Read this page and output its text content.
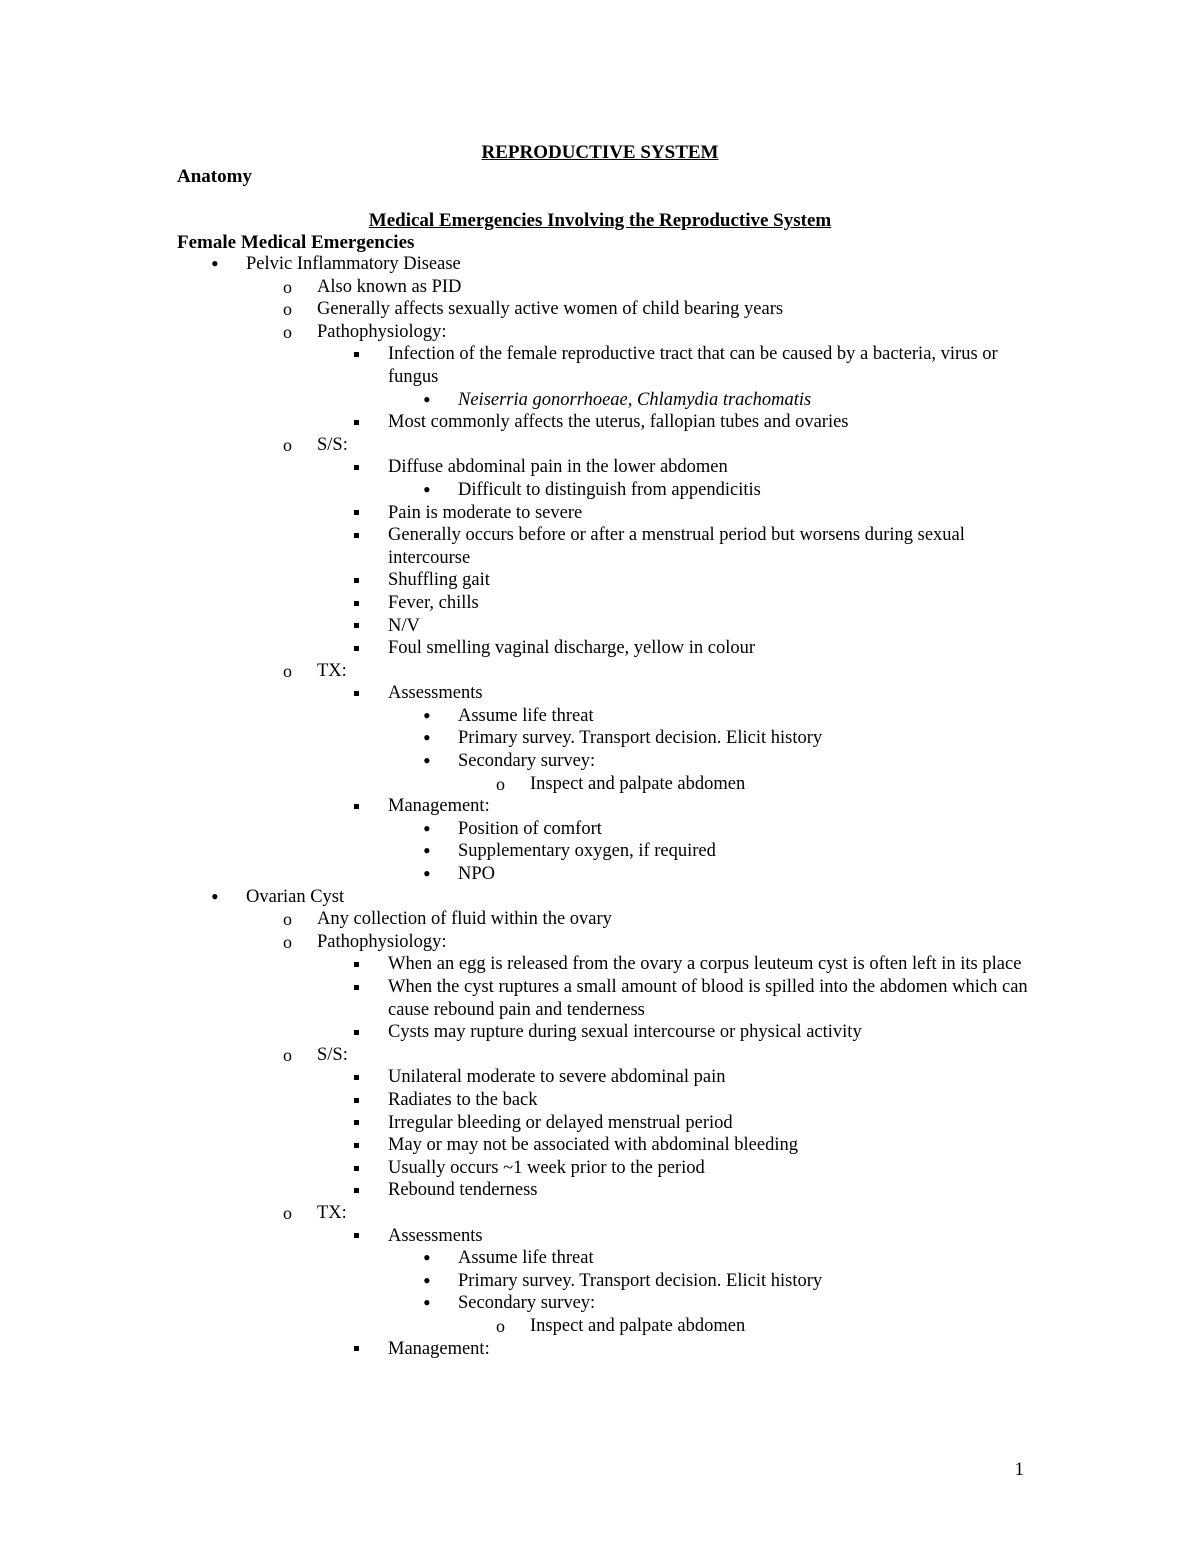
REPRODUCTIVE SYSTEM
Anatomy
Medical Emergencies Involving the Reproductive System
Female Medical Emergencies
•
Pelvic Inflammatory Disease
o
Also known as PID
o
Generally affects sexually active women of child bearing years
o
Pathophysiology:
Infection of the female reproductive tract that can be caused by a bacteria, virus or fungus
•
Neiserria gonorrhoeae, Chlamydia trachomatis
Most commonly affects the uterus, fallopian tubes and ovaries
o
S/S:
Diffuse abdominal pain in the lower abdomen
•
Difficult to distinguish from appendicitis
Pain is moderate to severe
Generally occurs before or after a menstrual period but worsens during sexual intercourse
Shuffling gait
Fever, chills
N/V
Foul smelling vaginal discharge, yellow in colour
o
TX:
Assessments
•
Assume life threat
•
Primary survey. Transport decision. Elicit history
•
Secondary survey:
o
Inspect and palpate abdomen
Management:
•
Position of comfort
•
Supplementary oxygen, if required
•
NPO
•
Ovarian Cyst
o
Any collection of fluid within the ovary
o
Pathophysiology:
When an egg is released from the ovary a corpus leuteum cyst is often left in its place
When the cyst ruptures a small amount of blood is spilled into the abdomen which can cause rebound pain and tenderness
Cysts may rupture during sexual intercourse or physical activity
o
S/S:
Unilateral moderate to severe abdominal pain
Radiates to the back
Irregular bleeding or delayed menstrual period
May or may not be associated with abdominal bleeding
Usually occurs ~1 week prior to the period
Rebound tenderness
o
TX:
Assessments
•
Assume life threat
•
Primary survey. Transport decision. Elicit history
•
Secondary survey:
o
Inspect and palpate abdomen
Management:
1
